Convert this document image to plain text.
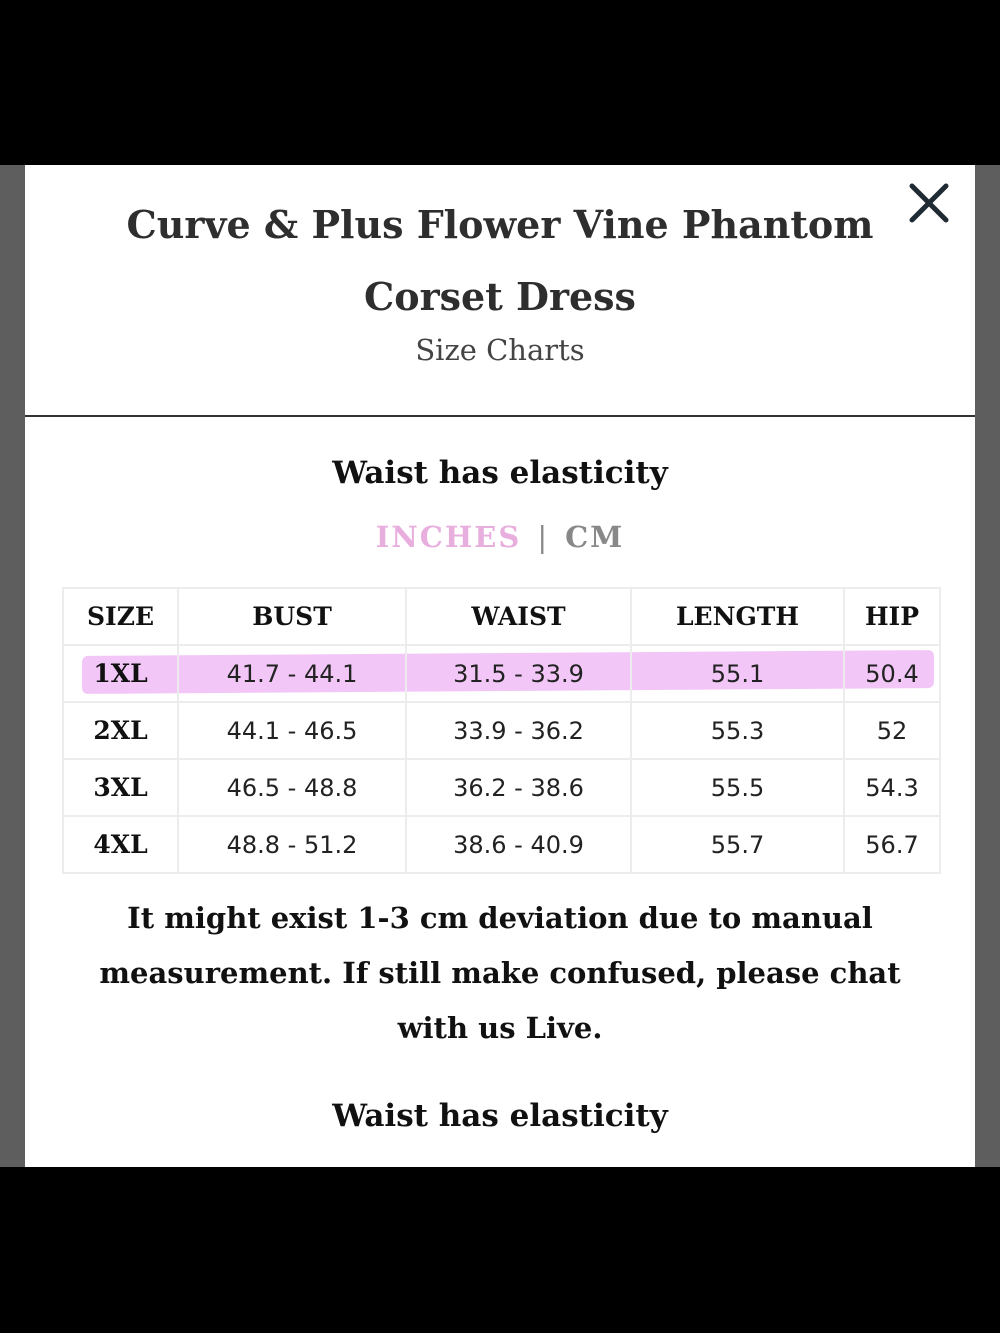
Curve & Plus Flower Vine Phantom Corset Dress

Size Charts

Waist has elasticity

INCHES | CM
SIZE	BUST	WAIST	LENGTH	HIP
1XL	41.7 - 44.1	31.5 - 33.9	55.1	50.4
2XL	44.1 - 46.5	33.9 - 36.2	55.3	52
3XL	46.5 - 48.8	36.2 - 38.6	55.5	54.3
4XL	48.8 - 51.2	38.6 - 40.9	55.7	56.7

It might exist 1-3 cm deviation due to manual measurement. If still make confused, please chat with us Live.

Waist has elasticity
